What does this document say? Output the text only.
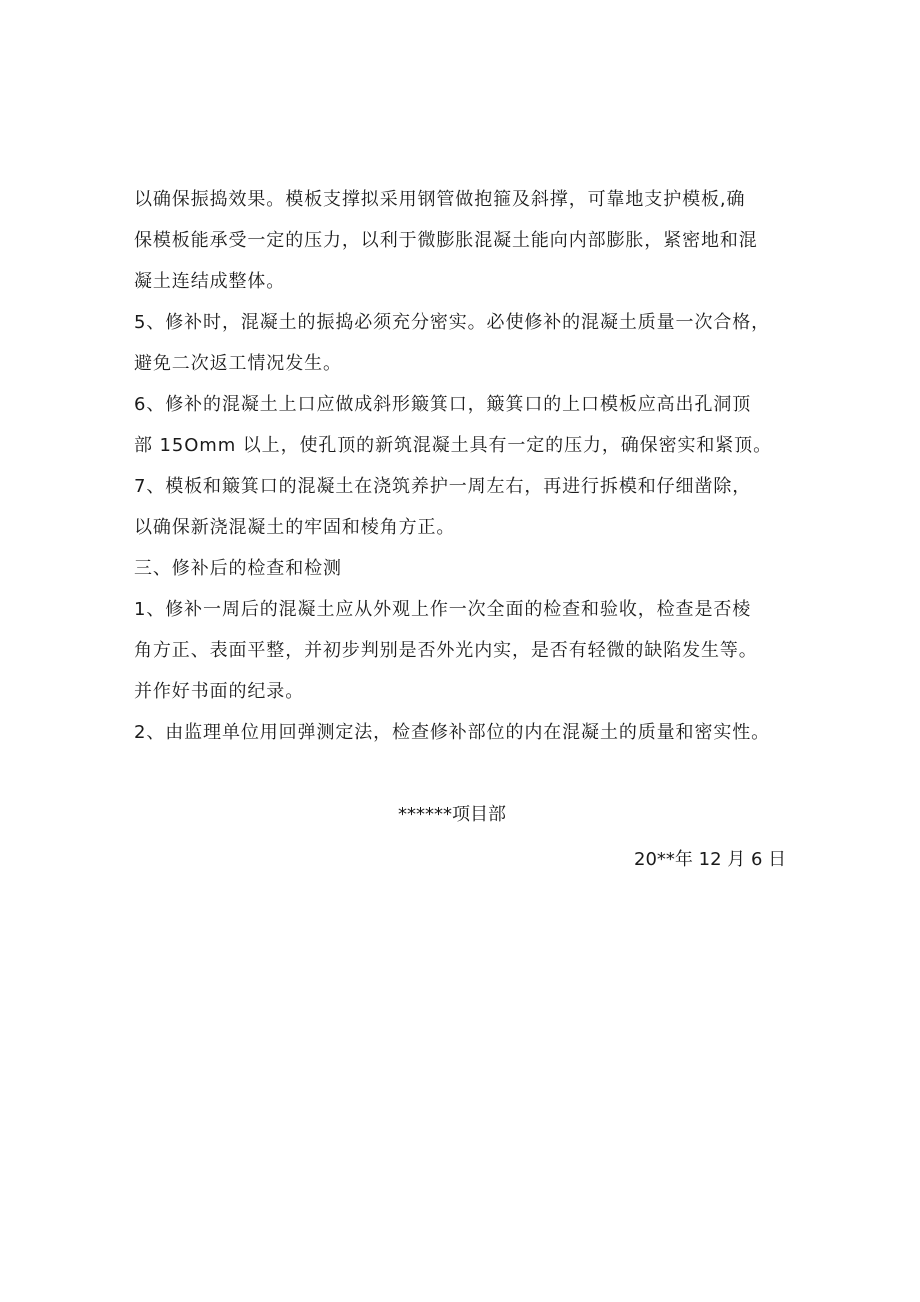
以确保振捣效果。模板支撑拟采用钢管做抱箍及斜撑，可靠地支护模板,确
保模板能承受一定的压力，以利于微膨胀混凝土能向内部膨胀，紧密地和混
凝土连结成整体。
5、修补时，混凝土的振捣必须充分密实。必使修补的混凝土质量一次合格，
避免二次返工情况发生。
6、修补的混凝土上口应做成斜形簸箕口，簸箕口的上口模板应高出孔洞顶
部 15Omm 以上，使孔顶的新筑混凝土具有一定的压力，确保密实和紧顶。
7、模板和簸箕口的混凝土在浇筑养护一周左右，再进行拆模和仔细凿除，
以确保新浇混凝土的牢固和棱角方正。
三、修补后的检查和检测
1、修补一周后的混凝土应从外观上作一次全面的检查和验收，检查是否棱
角方正、表面平整，并初步判别是否外光内实，是否有轻微的缺陷发生等。
并作好书面的纪录。
2、由监理单位用回弹测定法，检查修补部位的内在混凝土的质量和密实性。
******项目部
20**年 12 月 6 日
